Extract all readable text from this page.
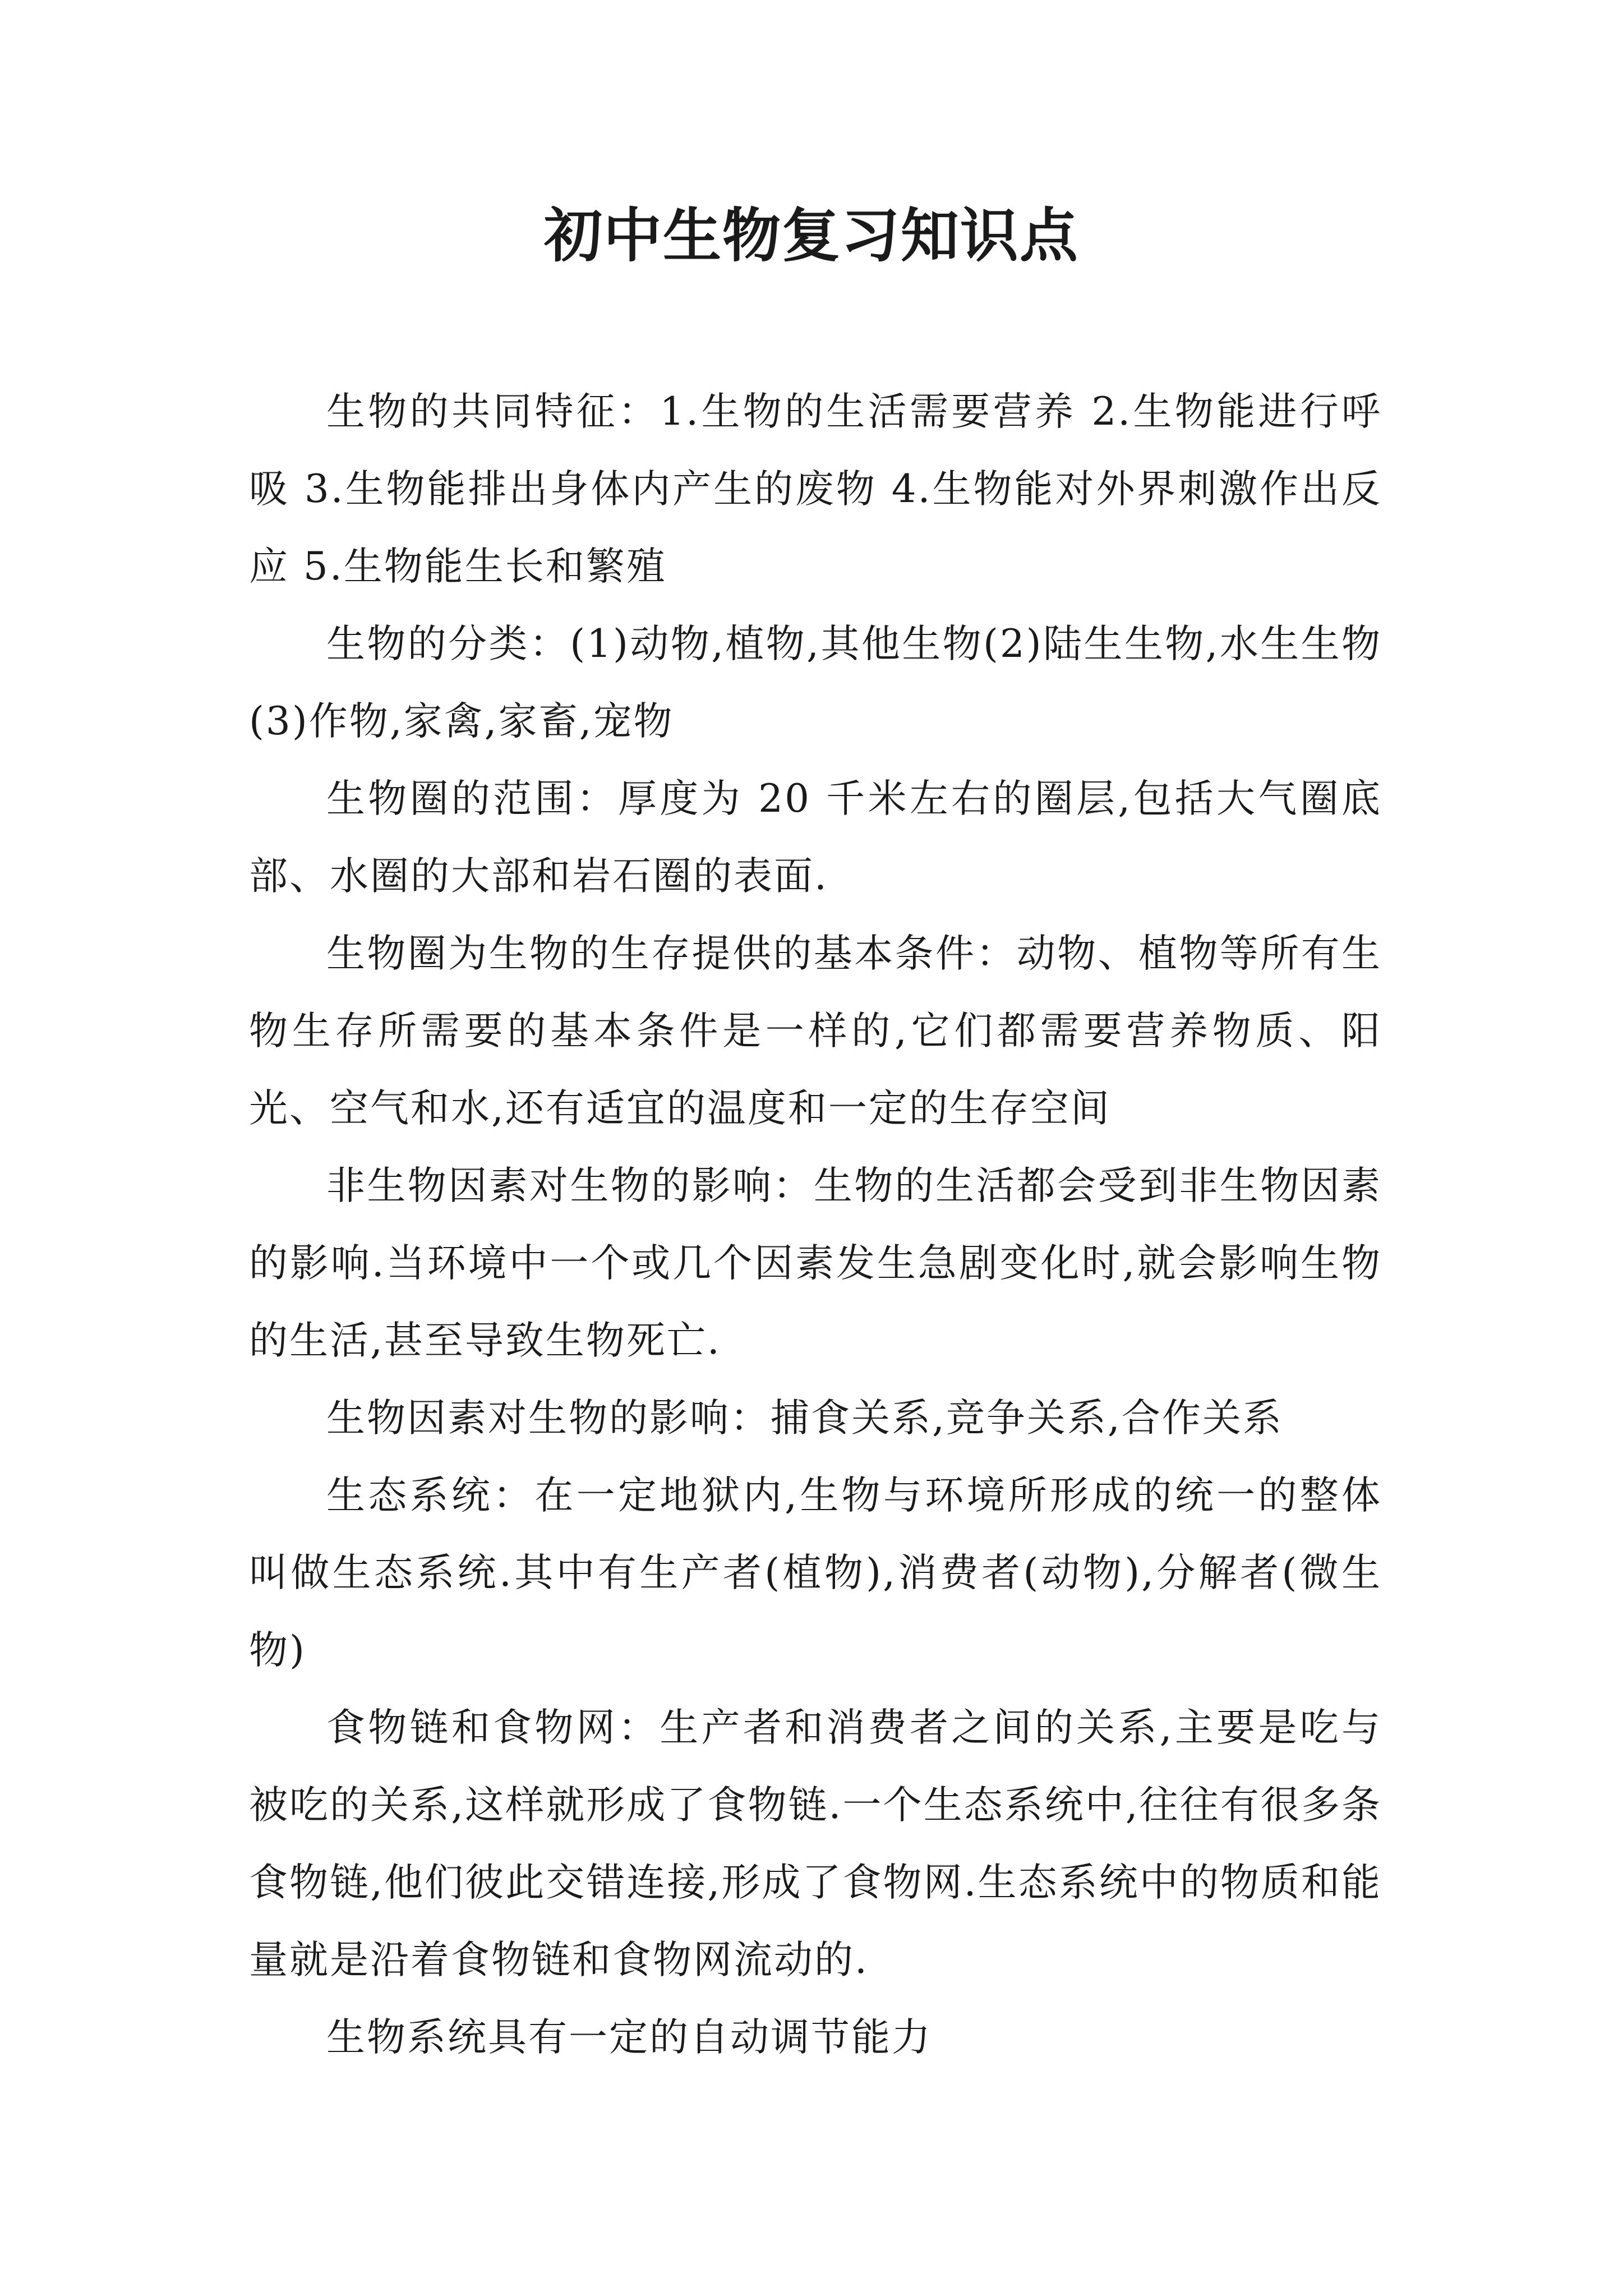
初中生物复习知识点

生物的共同特征：1.生物的生活需要营养 2.生物能进行呼吸 3.生物能排出身体内产生的废物 4.生物能对外界刺激作出反应 5.生物能生长和繁殖

生物的分类：(1)动物,植物,其他生物(2)陆生生物,水生生物(3)作物,家禽,家畜,宠物

生物圈的范围：厚度为 20 千米左右的圈层,包括大气圈底部、水圈的大部和岩石圈的表面.

生物圈为生物的生存提供的基本条件：动物、植物等所有生物生存所需要的基本条件是一样的,它们都需要营养物质、阳光、空气和水,还有适宜的温度和一定的生存空间

非生物因素对生物的影响：生物的生活都会受到非生物因素的影响.当环境中一个或几个因素发生急剧变化时,就会影响生物的生活,甚至导致生物死亡.

生物因素对生物的影响：捕食关系,竞争关系,合作关系

生态系统：在一定地狱内,生物与环境所形成的统一的整体叫做生态系统.其中有生产者(植物),消费者(动物),分解者(微生物)

食物链和食物网：生产者和消费者之间的关系,主要是吃与被吃的关系,这样就形成了食物链.一个生态系统中,往往有很多条食物链,他们彼此交错连接,形成了食物网.生态系统中的物质和能量就是沿着食物链和食物网流动的.

生物系统具有一定的自动调节能力
